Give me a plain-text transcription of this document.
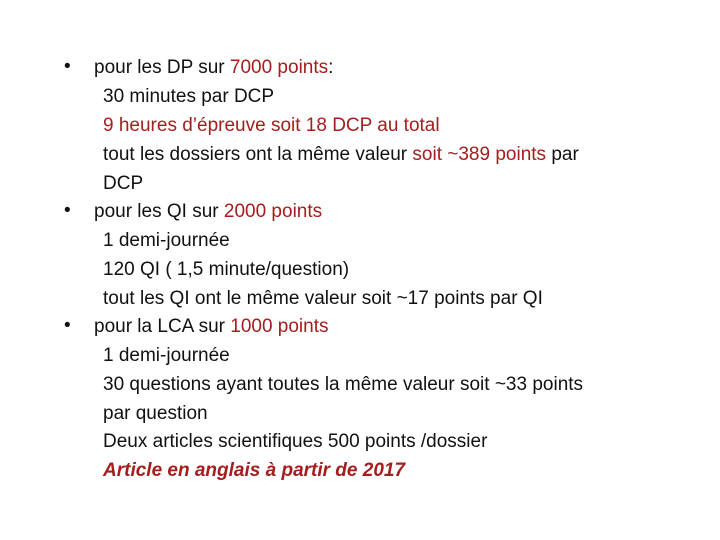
• pour les DP sur 7000 points:
30 minutes par DCP
9 heures d’épreuve soit 18 DCP au total
tout les dossiers ont la même valeur soit ~389 points par
DCP
• pour les QI sur 2000 points
1 demi-journée
120 QI ( 1,5 minute/question)
tout les QI ont le même valeur soit ~17 points par QI
• pour la LCA sur 1000 points
1 demi-journée
30 questions ayant toutes la même valeur soit ~33 points
par question
Deux articles scientifiques 500 points /dossier
Article en anglais à partir de 2017
